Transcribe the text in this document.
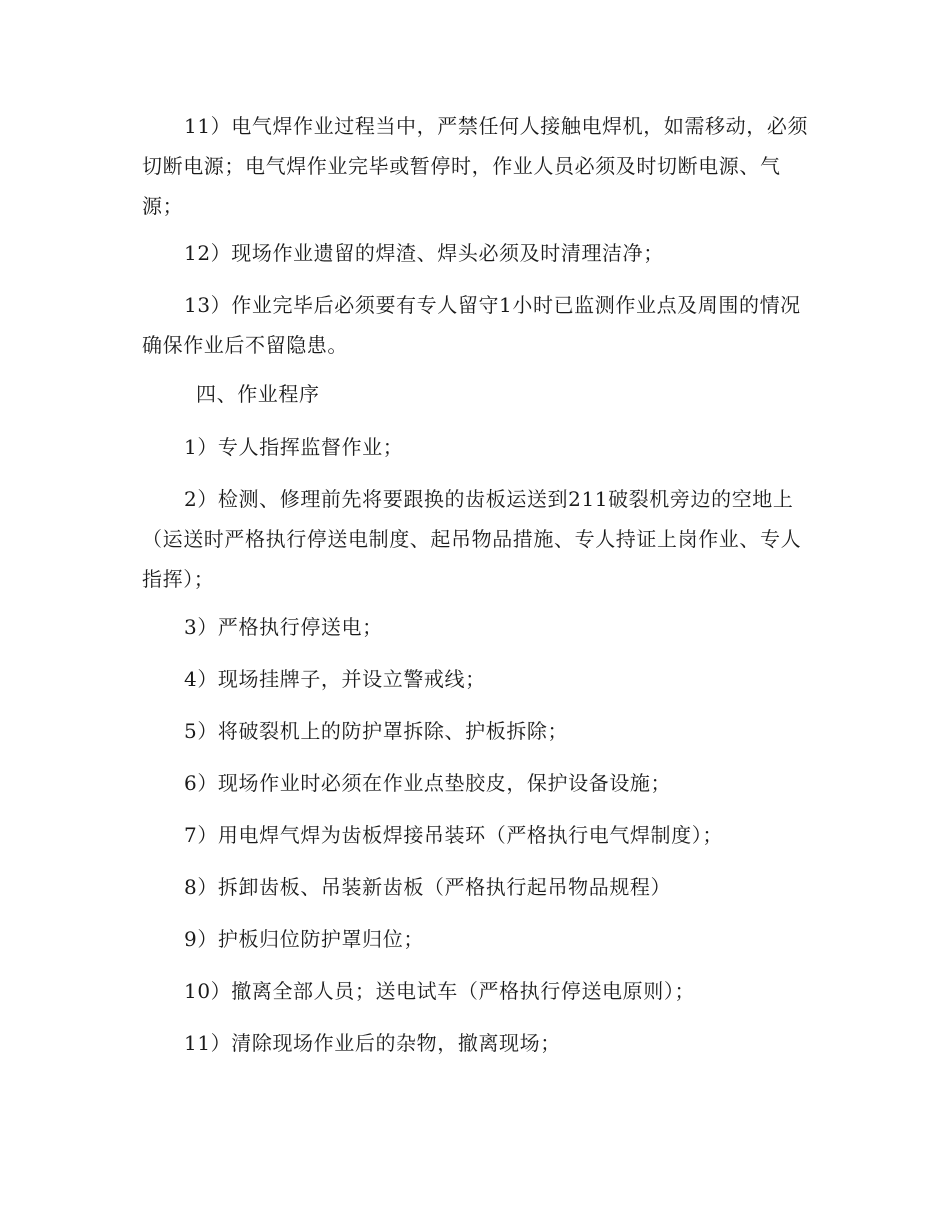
11）电气焊作业过程当中，严禁任何人接触电焊机，如需移动，必须切断电源；电气焊作业完毕或暂停时，作业人员必须及时切断电源、气源；

12）现场作业遗留的焊渣、焊头必须及时清理洁净；

13）作业完毕后必须要有专人留守1小时已监测作业点及周围的情况确保作业后不留隐患。

四、作业程序

1）专人指挥监督作业；

2）检测、修理前先将要跟换的齿板运送到211破裂机旁边的空地上（运送时严格执行停送电制度、起吊物品措施、专人持证上岗作业、专人指挥）；

3）严格执行停送电；

4）现场挂牌子，并设立警戒线；

5）将破裂机上的防护罩拆除、护板拆除；

6）现场作业时必须在作业点垫胶皮，保护设备设施；

7）用电焊气焊为齿板焊接吊装环（严格执行电气焊制度）；

8）拆卸齿板、吊装新齿板（严格执行起吊物品规程）

9）护板归位防护罩归位；

10）撤离全部人员；送电试车（严格执行停送电原则）；

11）清除现场作业后的杂物，撤离现场；
